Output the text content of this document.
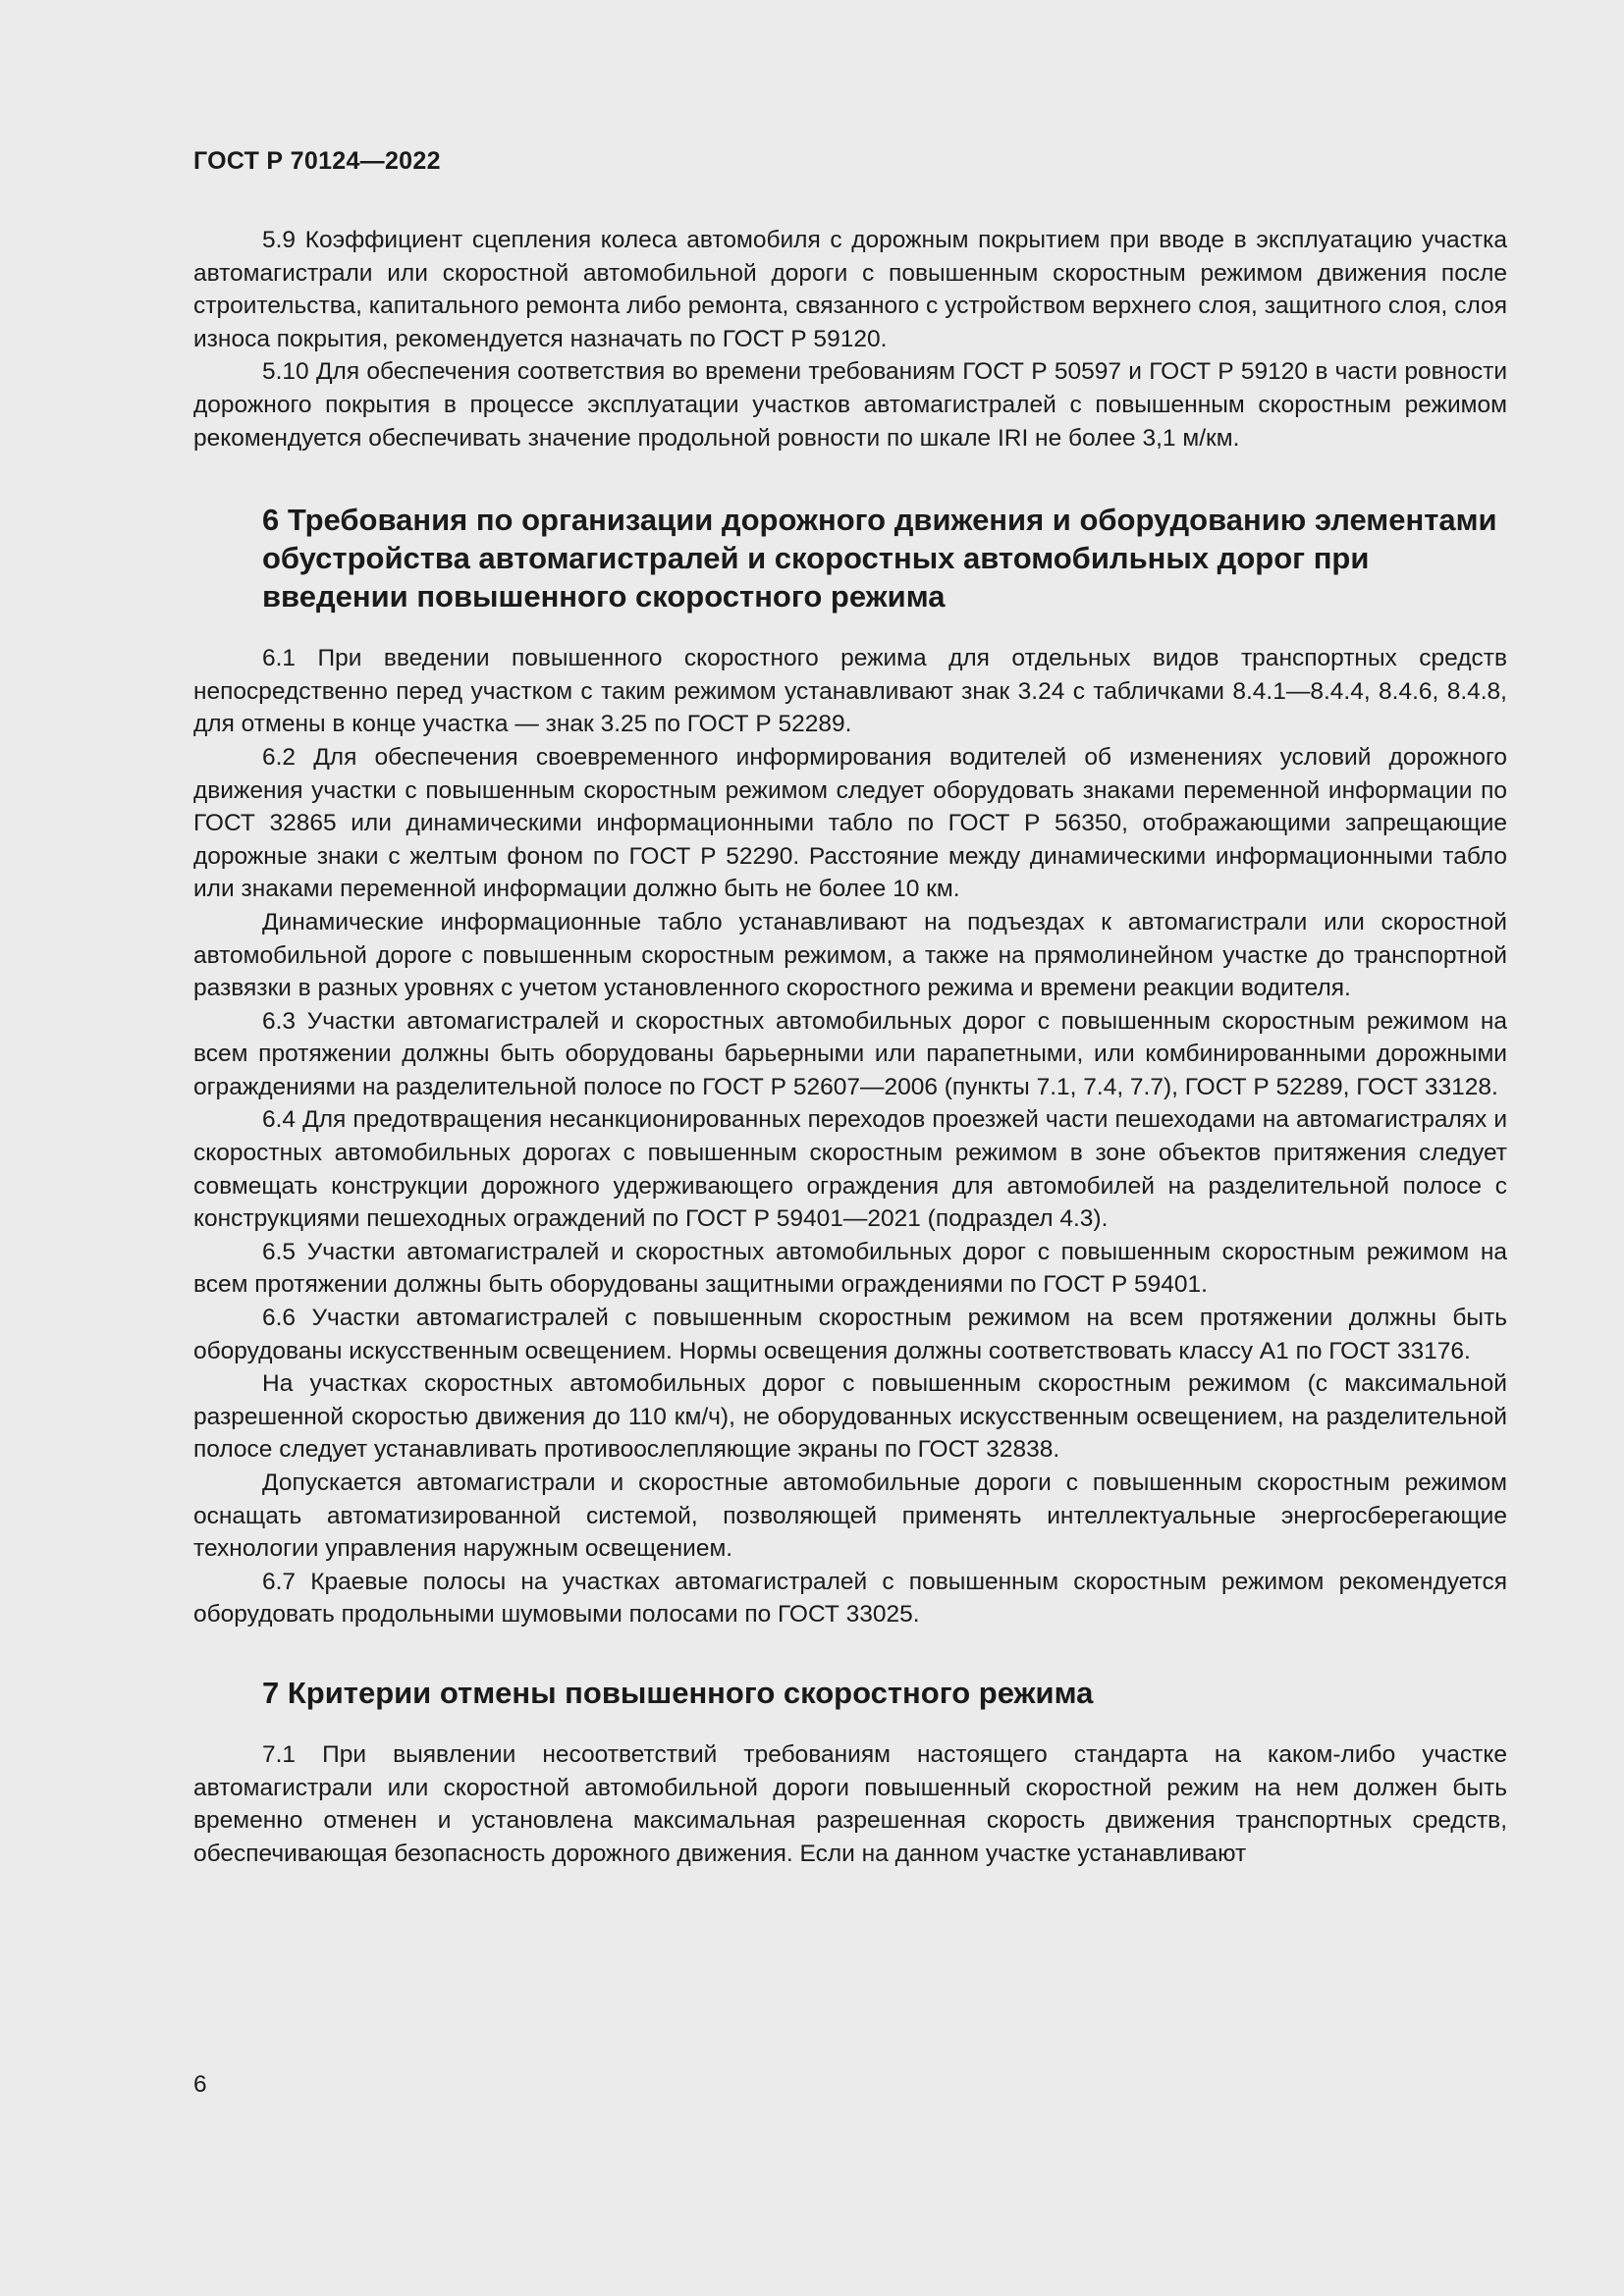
ГОСТ Р 70124—2022

5.9 Коэффициент сцепления колеса автомобиля с дорожным покрытием при вводе в эксплуатацию участка автомагистрали или скоростной автомобильной дороги с повышенным скоростным режимом движения после строительства, капитального ремонта либо ремонта, связанного с устройством верхнего слоя, защитного слоя, слоя износа покрытия, рекомендуется назначать по ГОСТ Р 59120.

5.10 Для обеспечения соответствия во времени требованиям ГОСТ Р 50597 и ГОСТ Р 59120 в части ровности дорожного покрытия в процессе эксплуатации участков автомагистралей с повышенным скоростным режимом рекомендуется обеспечивать значение продольной ровности по шкале IRI не более 3,1 м/км.

6 Требования по организации дорожного движения и оборудованию элементами обустройства автомагистралей и скоростных автомобильных дорог при введении повышенного скоростного режима

6.1 При введении повышенного скоростного режима для отдельных видов транспортных средств непосредственно перед участком с таким режимом устанавливают знак 3.24 с табличками 8.4.1—8.4.4, 8.4.6, 8.4.8, для отмены в конце участка — знак 3.25 по ГОСТ Р 52289.

6.2 Для обеспечения своевременного информирования водителей об изменениях условий дорожного движения участки с повышенным скоростным режимом следует оборудовать знаками переменной информации по ГОСТ 32865 или динамическими информационными табло по ГОСТ Р 56350, отображающими запрещающие дорожные знаки с желтым фоном по ГОСТ Р 52290. Расстояние между динамическими информационными табло или знаками переменной информации должно быть не более 10 км.

Динамические информационные табло устанавливают на подъездах к автомагистрали или скоростной автомобильной дороге с повышенным скоростным режимом, а также на прямолинейном участке до транспортной развязки в разных уровнях с учетом установленного скоростного режима и времени реакции водителя.

6.3 Участки автомагистралей и скоростных автомобильных дорог с повышенным скоростным режимом на всем протяжении должны быть оборудованы барьерными или парапетными, или комбинированными дорожными ограждениями на разделительной полосе по ГОСТ Р 52607—2006 (пункты 7.1, 7.4, 7.7), ГОСТ Р 52289, ГОСТ 33128.

6.4 Для предотвращения несанкционированных переходов проезжей части пешеходами на автомагистралях и скоростных автомобильных дорогах с повышенным скоростным режимом в зоне объектов притяжения следует совмещать конструкции дорожного удерживающего ограждения для автомобилей на разделительной полосе с конструкциями пешеходных ограждений по ГОСТ Р 59401—2021 (подраздел 4.3).

6.5 Участки автомагистралей и скоростных автомобильных дорог с повышенным скоростным режимом на всем протяжении должны быть оборудованы защитными ограждениями по ГОСТ Р 59401.

6.6 Участки автомагистралей с повышенным скоростным режимом на всем протяжении должны быть оборудованы искусственным освещением. Нормы освещения должны соответствовать классу А1 по ГОСТ 33176.

На участках скоростных автомобильных дорог с повышенным скоростным режимом (с максимальной разрешенной скоростью движения до 110 км/ч), не оборудованных искусственным освещением, на разделительной полосе следует устанавливать противоослепляющие экраны по ГОСТ 32838.

Допускается автомагистрали и скоростные автомобильные дороги с повышенным скоростным режимом оснащать автоматизированной системой, позволяющей применять интеллектуальные энергосберегающие технологии управления наружным освещением.

6.7 Краевые полосы на участках автомагистралей с повышенным скоростным режимом рекомендуется оборудовать продольными шумовыми полосами по ГОСТ 33025.

7 Критерии отмены повышенного скоростного режима

7.1 При выявлении несоответствий требованиям настоящего стандарта на каком-либо участке автомагистрали или скоростной автомобильной дороги повышенный скоростной режим на нем должен быть временно отменен и установлена максимальная разрешенная скорость движения транспортных средств, обеспечивающая безопасность дорожного движения. Если на данном участке устанавливают

6
